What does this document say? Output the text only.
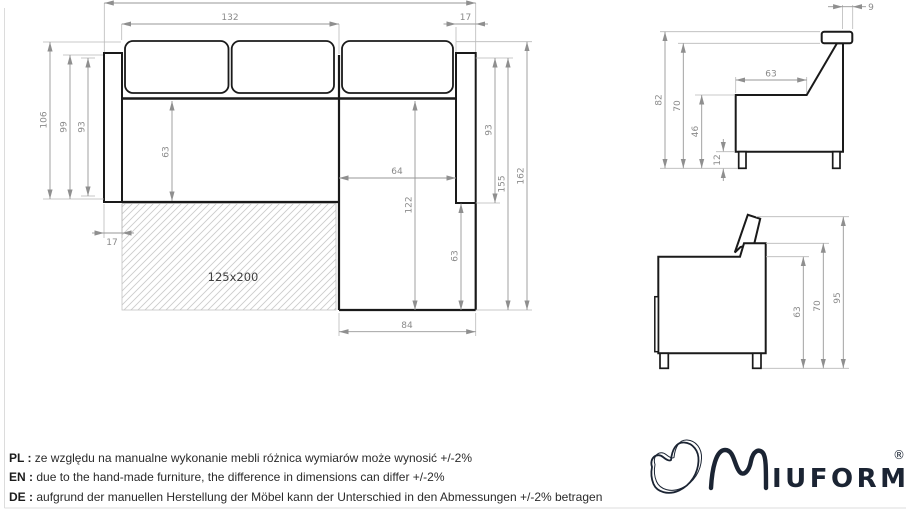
125x200
132	17
106 99 93
63
17
64
122
63
84
93
155 162
9
82
70
63
46
12
63
70
95
IUFORM
®
PL : ze względu na manualne wykonanie mebli różnica wymiarów może wynosić +/-2%
EN : due to the hand-made furniture, the difference in dimensions can differ +/-2%
DE : aufgrund der manuellen Herstellung der Möbel kann der Unterschied in den Abmessungen +/-2% betragen
